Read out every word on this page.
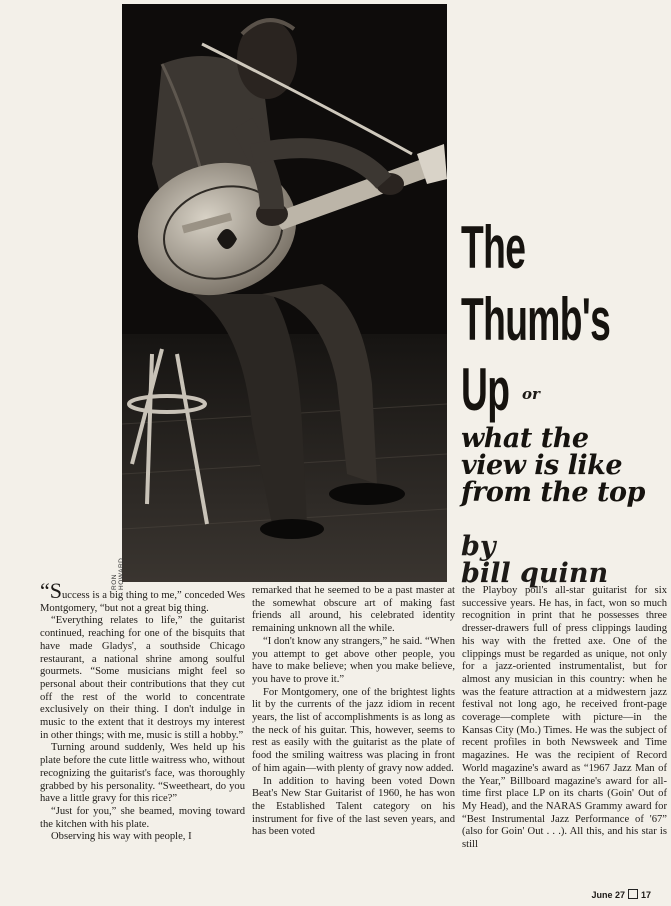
RON HOWARD
The
Thumb's
Up or
what the
view is like
from the top
by
bill quinn

“Success is a big thing to me,” conceded Wes Montgomery, “but not a great big thing.

“Everything relates to life,” the guitarist continued, reaching for one of the bisquits that have made Gladys', a southside Chicago restaurant, a national shrine among soulful gourmets. “Some musicians might feel so personal about their contributions that they cut off the rest of the world to concentrate exclusively on their thing. I don't indulge in music to the extent that it destroys my interest in other things; with me, music is still a hobby.”

Turning around suddenly, Wes held up his plate before the cute little waitress who, without recognizing the guitarist's face, was thoroughly grabbed by his personality. “Sweetheart, do you have a little gravy for this rice?”

“Just for you,” she beamed, moving toward the kitchen with his plate.

Observing his way with people, I

remarked that he seemed to be a past master at the somewhat obscure art of making fast friends all around, his celebrated identity remaining unknown all the while.

“I don't know any strangers,” he said. “When you attempt to get above other people, you have to make believe; when you make believe, you have to prove it.”

For Montgomery, one of the brightest lights lit by the currents of the jazz idiom in recent years, the list of accomplishments is as long as the neck of his guitar. This, however, seems to rest as easily with the guitarist as the plate of food the smiling waitress was placing in front of him again—with plenty of gravy now added.

In addition to having been voted Down Beat's New Star Guitarist of 1960, he has won the Established Talent category on his instrument for five of the last seven years, and has been voted

the Playboy poll's all-star guitarist for six successive years. He has, in fact, won so much recognition in print that he possesses three dresser-drawers full of press clippings lauding his way with the fretted axe. One of the clippings must be regarded as unique, not only for a jazz-oriented instrumentalist, but for almost any musician in this country: when he was the feature attraction at a midwestern jazz festival not long ago, he received front-page coverage—complete with picture—in the Kansas City (Mo.) Times. He was the subject of recent profiles in both Newsweek and Time magazines. He was the recipient of Record World magazine's award as “1967 Jazz Man of the Year,” Billboard magazine's award for all-time first place LP on its charts (Goin' Out of My Head), and the NARAS Grammy award for “Best Instrumental Jazz Performance of '67” (also for Goin' Out . . .). All this, and his star is still

June 27 17
